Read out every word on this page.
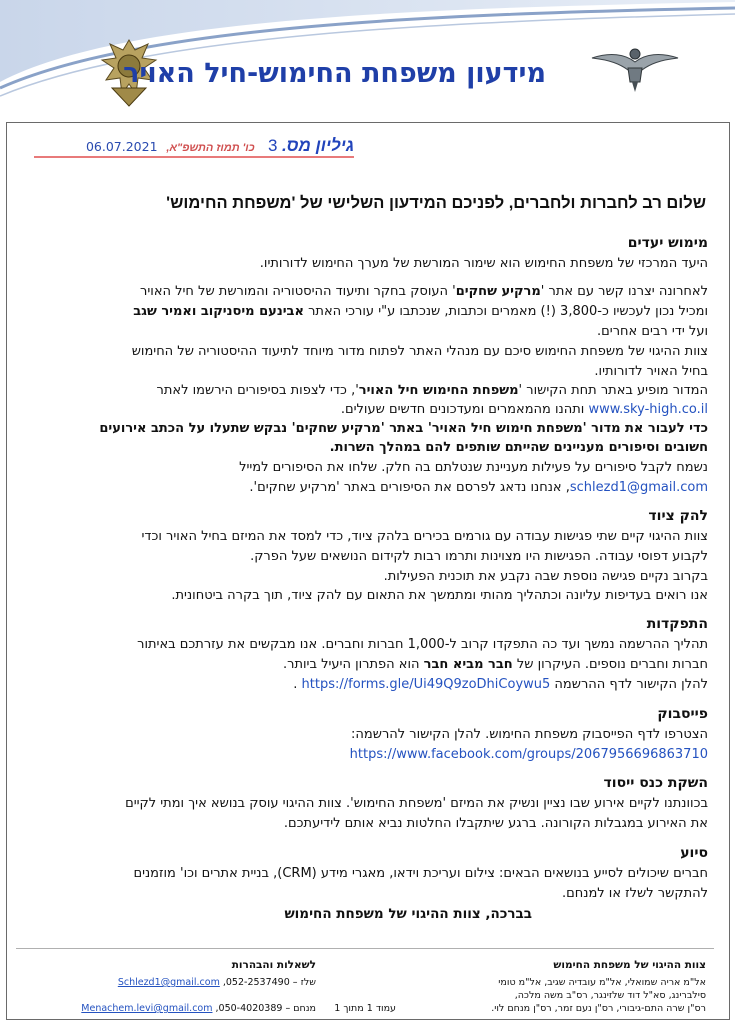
מידעון משפחת החימוש-חיל האויר
גיליון מס. 3   כו' תמוז התשפ"א,  06.07.2021
שלום רב לחברות ולחברים, לפניכם המידעון השלישי של 'משפחת החימוש'
מימוש יעדים
היעד המרכזי של משפחת החימוש הוא שימור המורשת של מערך החימוש לדורותיו.
לאחרונה יצרנו קשר עם אתר 'מרקיע שחקים' העוסק בחקר ותיעוד ההיסטוריה והמורשת של חיל האויר
ומכיל נכון לעכשיו כ-3,800 (!) מאמרים וכתבות, שנכתבו ע"י עורכי האתר אבינעם מיסניקוב ואמיר שגב
ועל ידי רבים אחרים.
צוות ההיגוי של משפחת החימוש סיכם עם מנהלי האתר לפתוח מדור מיוחד לתיעוד ההיסטוריה של החימוש
בחיל האויר לדורותיו.
המדור מופיע באתר תחת הקישור 'משפחת החימוש חיל האויר', כדי לצפות בסיפורים הירשמו לאתר
www.sky-high.co.il ותהנו מהמאמרים ומעדכונים חדשים שעולים.
כדי לעבור את מדור 'משפחת חימוש חיל האויר' באתר 'מרקיע שחקים' נבקש שתעלו על הכתב אירועים
חשובים וסיפורים מעניינים שהייתם שותפים להם במהלך השרות.
נשמח לקבל סיפורים על פעילות מעניינת שנטלתם בה חלק. שלחו את הסיפורים למייל
schlezd1@gmail.com, אנחנו נדאג לפרסם את הסיפורים באתר 'מרקיע שחקים'.
להק ציוד
צוות ההיגוי קיים שתי פגישות עבודה עם גורמים בכירים בלהק ציוד, כדי למסד את המיזם בחיל האויר וכדי
לקבוע דפוסי עבודה. הפגישות היו מצוינות ותרמו רבות לקידום הנושאים שעל הפרק.
בקרוב נקיים פגישה נוספת שבה נקבע את תוכנית הפעילות.
אנו רואים בעדיפות עליונה וכתהליך מהותי ומתמשך את התאום עם להק ציוד, תוך בקרה ביטחונית.
התפקדות
תהליך ההרשמה נמשך ועד כה התפקדו קרוב ל-1,000 חברות וחברים. אנו מבקשים את עזרתכם באיתור
חברות וחברים נוספים. העיקרון של חבר מביא חבר הוא הפתרון היעיל ביותר.
להלן הקישור לדף ההרשמה https://forms.gle/Ui49Q9zoDhiCoywu5 .
פייסבוק
הצטרפו לדף הפייסבוק משפחת החימוש. להלן הקישור להרשמה:
https://www.facebook.com/groups/2067956696863710
השקת כנס ייסוד
בכוונתנו לקיים אירוע שבו נציין ונשיק את המיזם 'משפחת החימוש'. צוות ההיגוי עוסק בנושא איך ומתי לקיים
את האירוע במגבלות הקורונה. ברגע שיתקבלו החלטות נביא אותם לידיעתכם.
סיוע
חברים שיכולים לסייע בנושאים הבאים: צילום ועריכת וידאו, מאגרי מידע (CRM), בניית אתרים וכו' מוזמנים
להתקשר לשלז או למנחם.
בברכה, צוות ההיגוי של משפחת החימוש
צוות ההיגוי של משפחת החימוש
אל"מ אריה שמואלי, אל"מ עובדיה שגיב, אל"מ טומי
סילברינג, סא"ל דוד שלזינגר, רס"ב משה מלכה,
רס"ן שרה התם-גיבורי, רס"ן נעם זמר, רס"ן מנחם לוי.
עמוד 1 מתוך 1
לשאלות והבהרות
שלז – 052-2537490, Schlezd1@gmail.com
מנחם – 050-4020389, Menachem.levi@gmail.com
